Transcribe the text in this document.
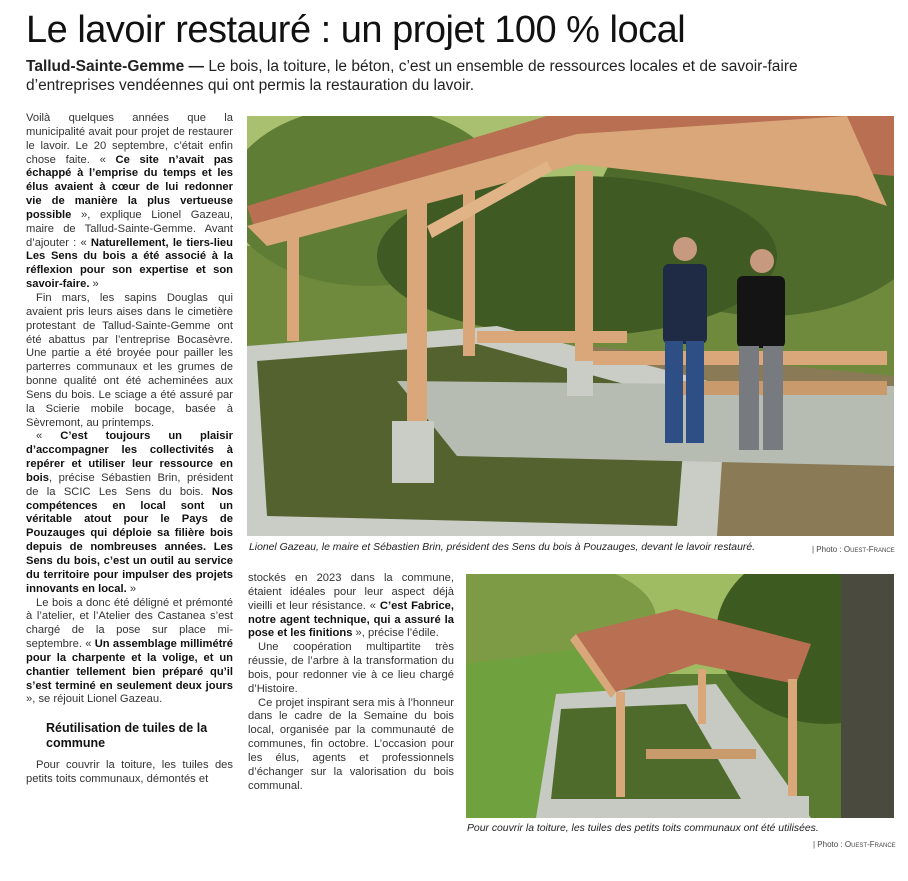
Le lavoir restauré : un projet 100 % local
Tallud-Sainte-Gemme — Le bois, la toiture, le béton, c’est un ensemble de ressources locales et de savoir-faire d’entreprises vendéennes qui ont permis la restauration du lavoir.

Voilà quelques années que la municipalité avait pour projet de restaurer le lavoir. Le 20 septembre, c’était enfin chose faite. « Ce site n’avait pas échappé à l’emprise du temps et les élus avaient à cœur de lui redonner vie de manière la plus vertueuse possible », explique Lionel Gazeau, maire de Tallud-Sainte-Gemme. Avant d’ajouter : « Naturellement, le tiers-lieu Les Sens du bois a été associé à la réflexion pour son expertise et son savoir-faire. »

Fin mars, les sapins Douglas qui avaient pris leurs aises dans le cimetière protestant de Tallud-Sainte-Gemme ont été abattus par l’entreprise Bocasèvre. Une partie a été broyée pour pailler les parterres communaux et les grumes de bonne qualité ont été acheminées aux Sens du bois. Le sciage a été assuré par la Scierie mobile bocage, basée à Sèvremont, au printemps.

« C’est toujours un plaisir d’accompagner les collectivités à repérer et utiliser leur ressource en bois, précise Sébastien Brin, président de la SCIC Les Sens du bois. Nos compétences en local sont un véritable atout pour le Pays de Pouzauges qui déploie sa filière bois depuis de nombreuses années. Les Sens du bois, c’est un outil au service du territoire pour impulser des projets innovants en local. »

Le bois a donc été déligné et prémonté à l’atelier, et l’Atelier des Castanea s’est chargé de la pose sur place mi-septembre. « Un assemblage millimétré pour la charpente et la volige, et un chantier tellement bien préparé qu’il s’est terminé en seulement deux jours », se réjouit Lionel Gazeau.

Réutilisation de tuiles de la commune

Pour couvrir la toiture, les tuiles des petits toits communaux, démontés et

stockés en 2023 dans la commune, étaient idéales pour leur aspect déjà vieilli et leur résistance. « C’est Fabrice, notre agent technique, qui a assuré la pose et les finitions », précise l’édile.

Une coopération multipartite très réussie, de l’arbre à la transformation du bois, pour redonner vie à ce lieu chargé d’Histoire.

Ce projet inspirant sera mis à l’honneur dans le cadre de la Semaine du bois local, organisée par la communauté de communes, fin octobre. L’occasion pour les élus, agents et professionnels d’échanger sur la valorisation du bois communal.

Lionel Gazeau, le maire et Sébastien Brin, président des Sens du bois à Pouzauges, devant le lavoir restauré.	| Photo : Ouest-France
Pour couvrir la toiture, les tuiles des petits toits communaux ont été utilisées.
| Photo : Ouest-France
